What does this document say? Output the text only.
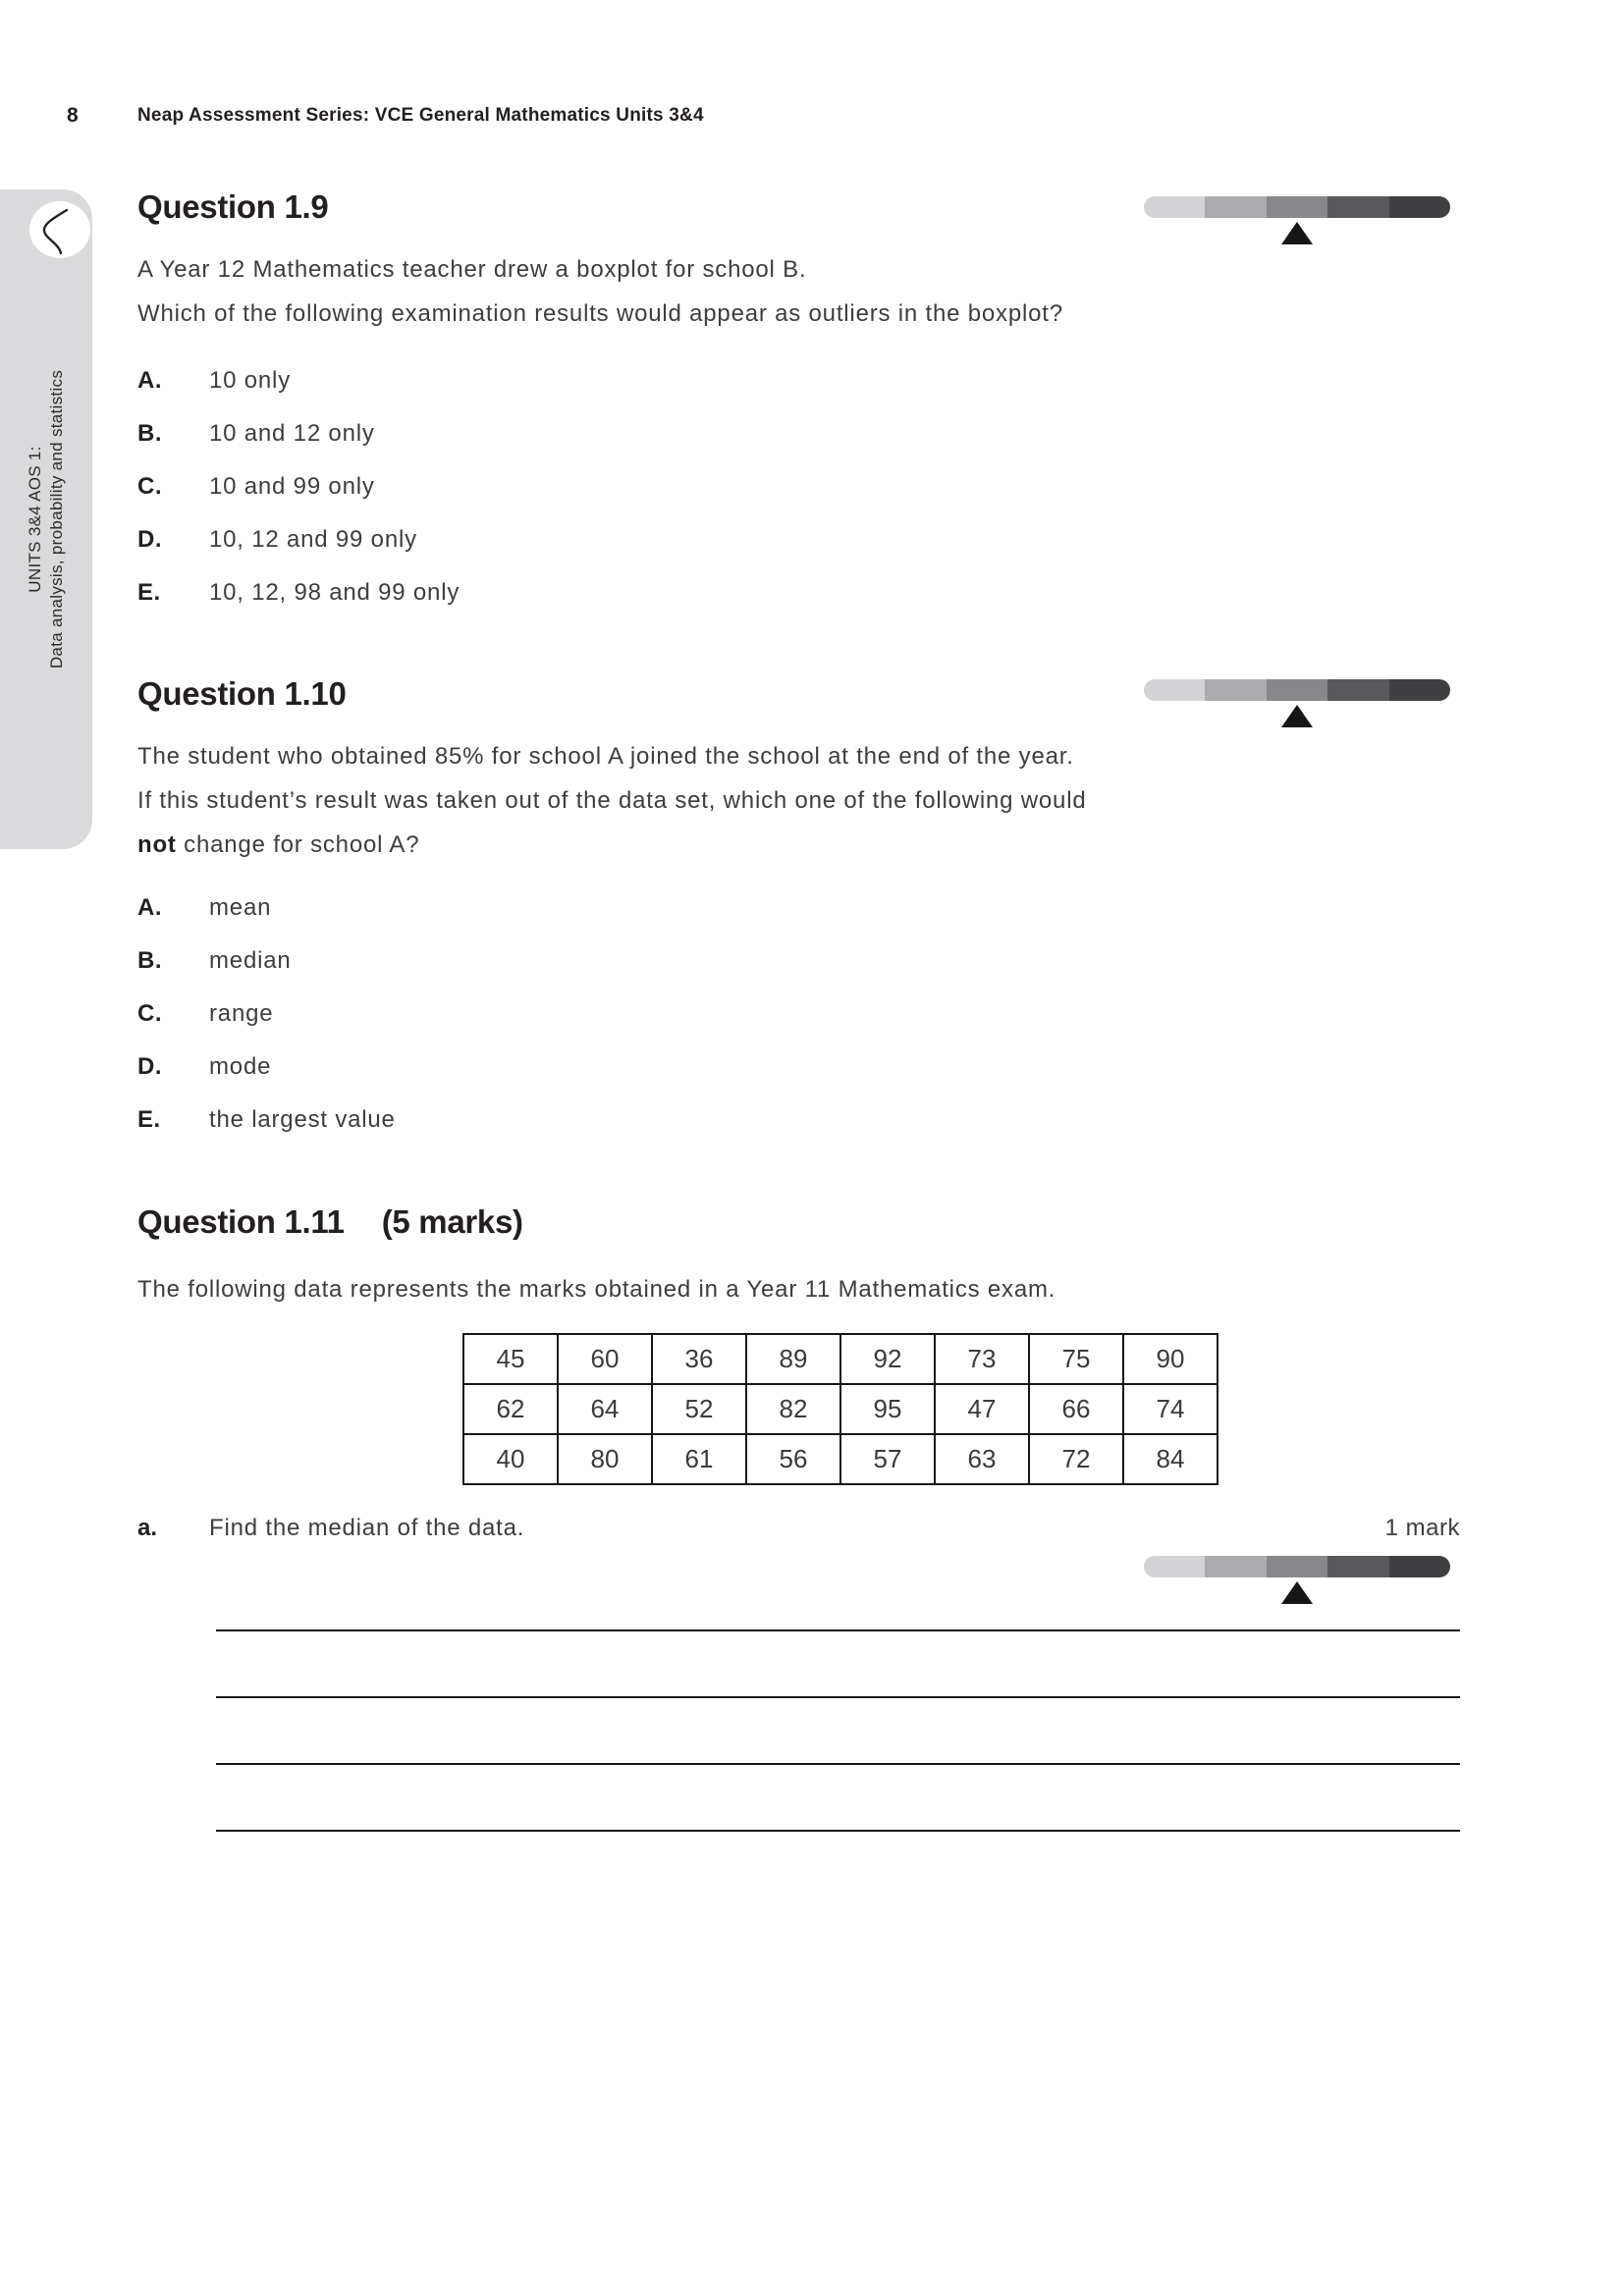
8	Neap Assessment Series: VCE General Mathematics Units 3&4
UNITS 3&4 AOS 1: Data analysis, probability and statistics
Question 1.9
A Year 12 Mathematics teacher drew a boxplot for school B.
Which of the following examination results would appear as outliers in the boxplot?
A.	10 only
B.	10 and 12 only
C.	10 and 99 only
D.	10, 12 and 99 only
E.	10, 12, 98 and 99 only
Question 1.10
The student who obtained 85% for school A joined the school at the end of the year.
If this student’s result was taken out of the data set, which one of the following would
not change for school A?
A.	mean
B.	median
C.	range
D.	mode
E.	the largest value
Question 1.11 (5 marks)
The following data represents the marks obtained in a Year 11 Mathematics exam.
45	60	36	89	92	73	75	90
62	64	52	82	95	47	66	74
40	80	61	56	57	63	72	84
a.	Find the median of the data.	1 mark
